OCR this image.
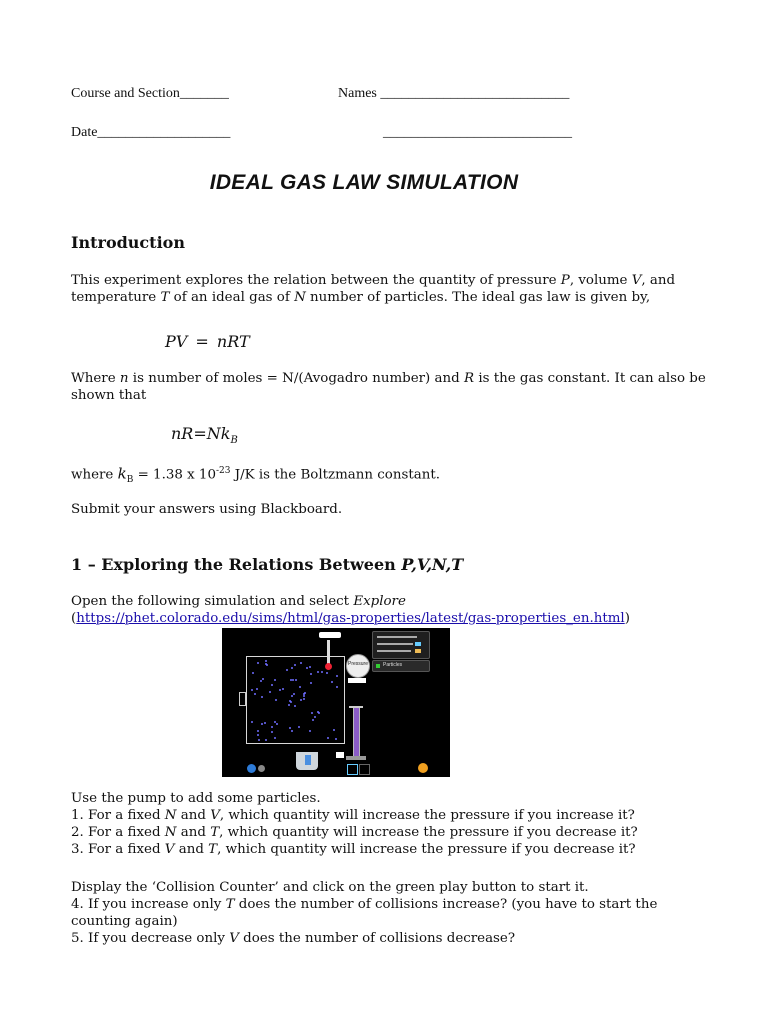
Course and Section_______	Names ___________________________
Date___________________	___________________________
IDEAL GAS LAW SIMULATION
Introduction
This experiment explores the relation between the quantity of pressure P, volume V, and
temperature T of an ideal gas of N number of particles. The ideal gas law is given by,
PV = nRT
Where n is number of moles = N/(Avogadro number) and R is the gas constant. It can also be
shown that
$nR=Nk_B$
where $k_B = 1.38$ x $10^{-23}$ J/K is the Boltzmann constant.
Submit your answers using Blackboard.
1 – Exploring the Relations Between P,V,N,T
Open the following simulation and select Explore
(https://phet.colorado.edu/sims/html/gas-properties/latest/gas-properties_en.html)
Pressure	Particles
Use the pump to add some particles.
1. For a fixed N and V, which quantity will increase the pressure if you increase it?
2. For a fixed N and T, which quantity will increase the pressure if you decrease it?
3. For a fixed V and T, which quantity will increase the pressure if you decrease it?
Display the ‘Collision Counter’ and click on the green play button to start it.
4. If you increase only T does the number of collisions increase? (you have to start the
counting again)
5. If you decrease only V does the number of collisions decrease?
